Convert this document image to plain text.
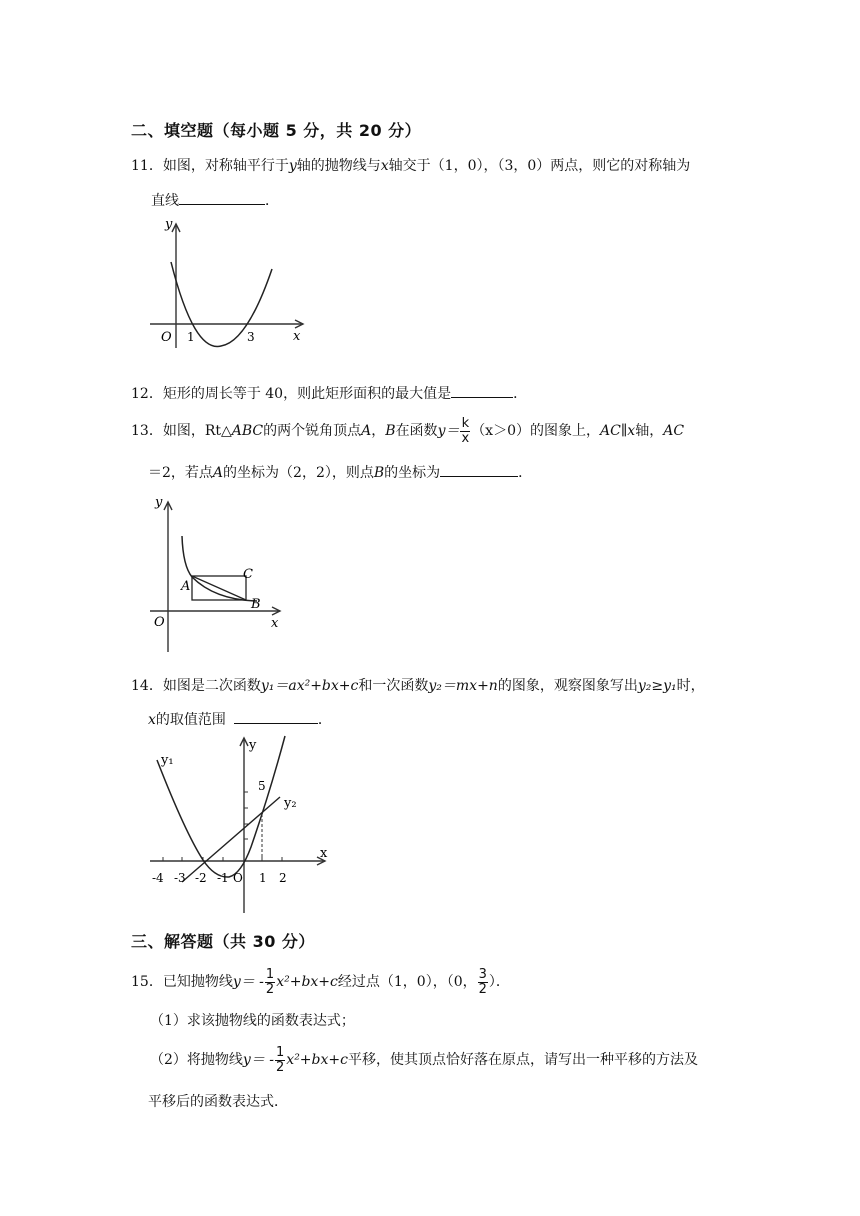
二、填空题（每小题 5 分，共 20 分）
11．如图，对称轴平行于y轴的抛物线与x轴交于（1，0），（3，0）两点，则它的对称轴为
直线	．
y
x
O 1	3
12．矩形的周长等于 40，则此矩形面积的最大值是	．
13．如图，Rt△ABC的两个锐角顶点A，B在函数$y= \frac{k}{x} (x>0)$的图象上，AC∥x轴，AC
＝2，若点A的坐标为（2，2），则点B的坐标为	．
y
x
O
A
B
C
14．如图是二次函数y₁＝ax²+bx+c和一次函数y₂＝mx+n的图象，观察图象写出y₂≥y₁时，
x的取值范围	．
y₁
y₂
y
x
5
-4 -3 -2 -1 O 1 2
三、解答题（共 30 分）
15．已知抛物线$y= - \frac{1}{2} x^2+bx+c$经过点（1，0），（0， $\frac{3}{2}$ ）．
（1）求该抛物线的函数表达式；
（2）将抛物线$y= - \frac{1}{2} x^2+bx+c$平移，使其顶点恰好落在原点，请写出一种平移的方法及
平移后的函数表达式．
